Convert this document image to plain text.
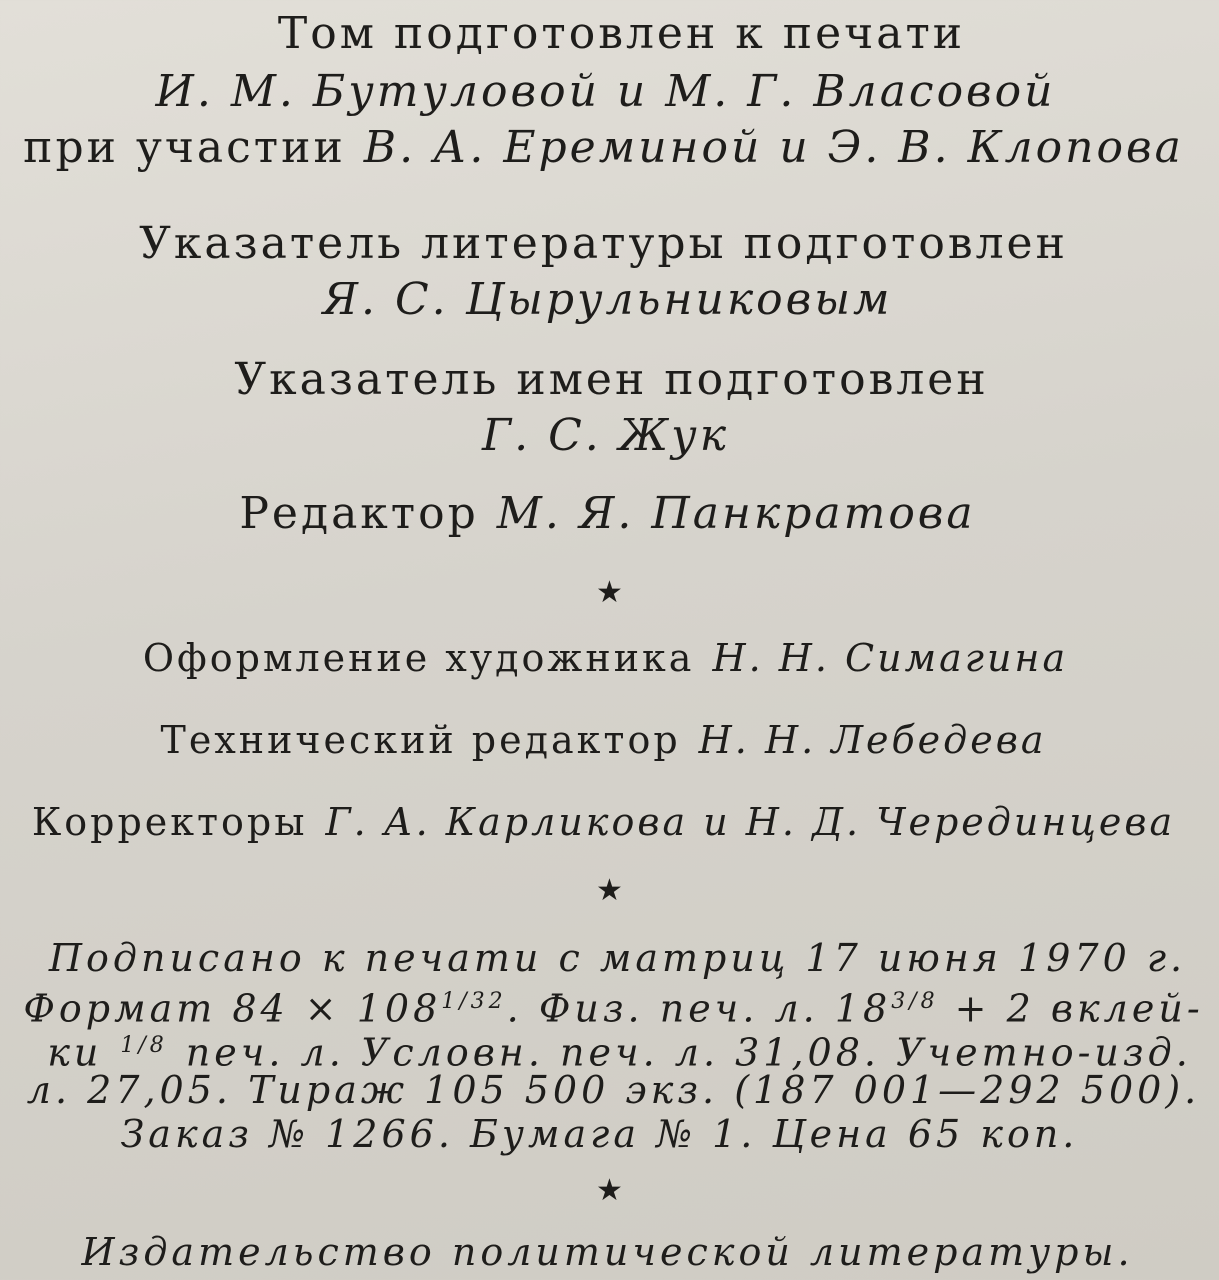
Том подготовлен к печати
И. М. Бутуловой и М. Г. Власовой
при участии В. А. Ереминой и Э. В. Клопова
Указатель литературы подготовлен
Я. С. Цырульниковым
Указатель имен подготовлен
Г. С. Жук
Редактор М. Я. Панкратова
★
Оформление художника Н. Н. Симагина
Технический редактор Н. Н. Лебедева
Корректоры Г. А. Карликова и Н. Д. Черединцева
★
Подписано к печати с матриц 17 июня 1970 г.
Формат $84 \times 108^{1/32}$. Физ. печ. л. $18^{3/8} + 2$ вклей-
ки $^{1/8}$ печ. л. Условн. печ. л. 31,08. Учетно-изд.
л. 27,05. Тираж 105 500 экз. (187 001—292 500).
Заказ № 1266. Бумага № 1. Цена 65 коп.
★
Издательство политической литературы.
